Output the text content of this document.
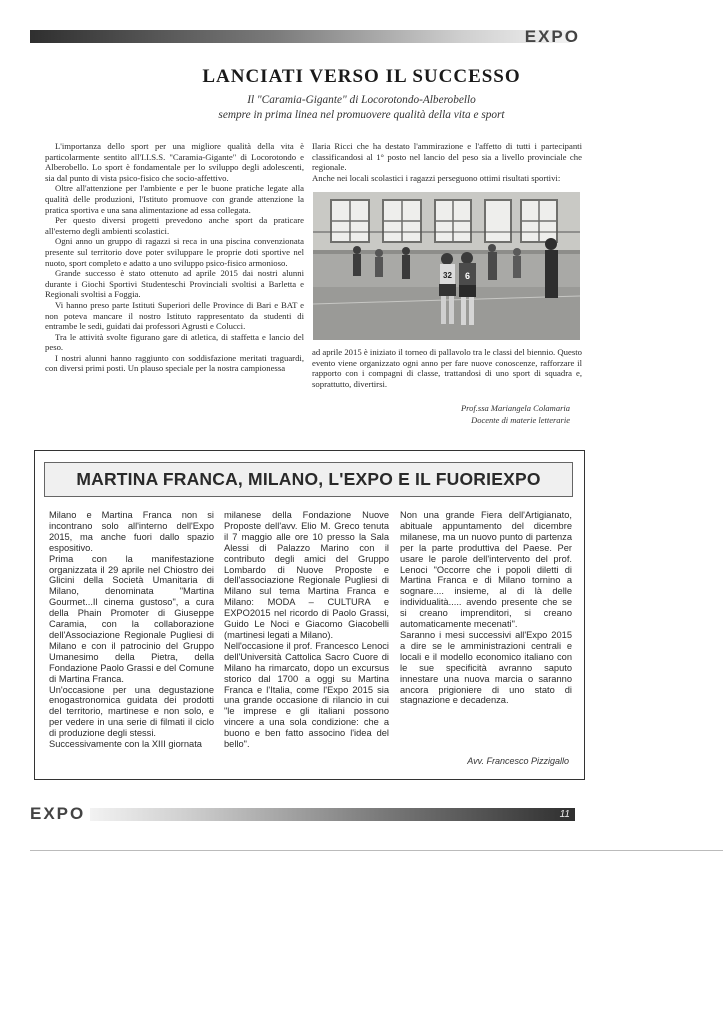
EXPO
LANCIATI VERSO IL SUCCESSO
Il "Caramia-Gigante" di Locorotondo-Alberobello
sempre in prima linea nel promuovere qualità della vita e sport

L'importanza dello sport per una migliore qualità della vita è particolarmente sentito all'I.I.S.S. "Caramia-Gigante" di Locorotondo e Alberobello. Lo sport è fondamentale per lo sviluppo degli adolescenti, sia dal punto di vista psico-fisico che socio-affettivo.

Oltre all'attenzione per l'ambiente e per le buone pratiche legate alla qualità delle produzioni, l'Istituto promuove con grande attenzione la pratica sportiva e una sana alimentazione ad essa collegata.

Per questo diversi progetti prevedono anche sport da praticare all'esterno degli ambienti scolastici.

Ogni anno un gruppo di ragazzi si reca in una piscina convenzionata presente sul territorio dove poter sviluppare le proprie doti sportive nel nuoto, sport completo e adatto a uno sviluppo psico-fisico armonioso.

Grande successo è stato ottenuto ad aprile 2015 dai nostri alunni durante i Giochi Sportivi Studenteschi Provinciali svoltisi a Barletta e Regionali svoltisi a Foggia.

Vi hanno preso parte Istituti Superiori delle Province di Bari e BAT e non poteva mancare il nostro Istituto rappresentato da studenti di entrambe le sedi, guidati dai professori Agrusti e Colucci.

Tra le attività svolte figurano gare di atletica, di staffetta e lancio del peso.

I nostri alunni hanno raggiunto con soddisfazione meritati traguardi, con diversi primi posti. Un plauso speciale per la nostra campionessa

Ilaria Ricci che ha destato l'ammirazione e l'affetto di tutti i partecipanti classificandosi al 1° posto nel lancio del peso sia a livello provinciale che regionale.

Anche nei locali scolastici i ragazzi perseguono ottimi risultati sportivi:

32 6

ad aprile 2015 è iniziato il torneo di pallavolo tra le classi del biennio. Questo evento viene organizzato ogni anno per fare nuove conoscenze, rafforzare il rapporto con i compagni di classe, trattandosi di uno sport di squadra e, soprattutto, divertirsi.

Prof.ssa Mariangela Colamaria
Docente di materie letterarie
MARTINA FRANCA, MILANO, L'EXPO E IL FUORIEXPO

Milano e Martina Franca non si incontrano solo all'interno dell'Expo 2015, ma anche fuori dallo spazio espositivo.

Prima con la manifestazione organizzata il 29 aprile nel Chiostro dei Glicini della Società Umanitaria di Milano, denominata "Martina Gourmet...Il cinema gustoso", a cura della Phain Promoter di Giuseppe Caramia, con la collaborazione dell'Associazione Regionale Pugliesi di Milano e con il patrocinio del Gruppo Umanesimo della Pietra, della Fondazione Paolo Grassi e del Comune di Martina Franca.

Un'occasione per una degustazione enogastronomica guidata dei prodotti del territorio, martinese e non solo, e per vedere in una serie di filmati il ciclo di produzione degli stessi.

Successivamente con la XIII giornata

milanese della Fondazione Nuove Proposte dell'avv. Elio M. Greco tenuta il 7 maggio alle ore 10 presso la Sala Alessi di Palazzo Marino con il contributo degli amici del Gruppo Lombardo di Nuove Proposte e dell'associazione Regionale Pugliesi di Milano sul tema Martina Franca e Milano: MODA – CULTURA e EXPO2015 nel ricordo di Paolo Grassi, Guido Le Noci e Giacomo Giacobelli (martinesi legati a Milano).

Nell'occasione il prof. Francesco Lenoci dell'Università Cattolica Sacro Cuore di Milano ha rimarcato, dopo un excursus storico dal 1700 a oggi su Martina Franca e l'Italia, come l'Expo 2015 sia una grande occasione di rilancio in cui "le imprese e gli italiani possono vincere a una sola condizione: che a buono e ben fatto associno l'idea del bello".

Non una grande Fiera dell'Artigianato, abituale appuntamento del dicembre milanese, ma un nuovo punto di partenza per la parte produttiva del Paese. Per usare le parole dell'intervento del prof. Lenoci "Occorre che i popoli diletti di Martina Franca e di Milano tornino a sognare.... insieme, al di là delle individualità..... avendo presente che se si creano imprenditori, si creano automaticamente mecenati".

Saranno i mesi successivi all'Expo 2015 a dire se le amministrazioni centrali e locali e il modello economico italiano con le sue specificità avranno saputo innestare una nuova marcia o saranno ancora prigioniere di uno stato di stagnazione e decadenza.

Avv. Francesco Pizzigallo
EXPO	11
